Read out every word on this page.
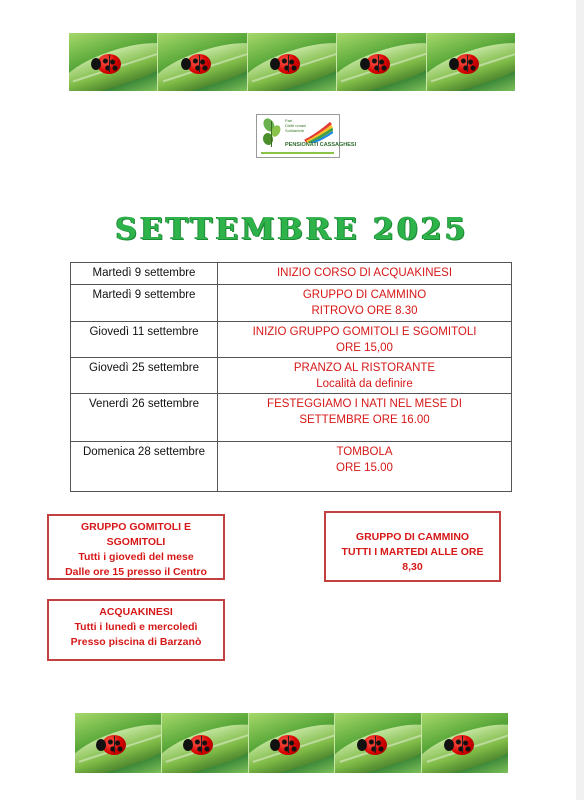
Pari
Diritti umani
Solidarietà
PENSIONATI CASSAGHESI
SETTEMBRE 2025
Martedì 9 settembre	INIZIO CORSO DI ACQUAKINESI

Martedì 9 settembre	GRUPPO DI CAMMINO
RITROVO ORE 8.30

Giovedì 11 settembre	INIZIO GRUPPO GOMITOLI E SGOMITOLI
ORE 15,00

Giovedì 25 settembre	PRANZO AL RISTORANTE
Località da definire

Venerdì 26 settembre	FESTEGGIAMO I NATI NEL MESE DI
SETTEMBRE ORE 16.00

Domenica 28 settembre	TOMBOLA
ORE 15.00
GRUPPO GOMITOLI E
SGOMITOLI
Tutti i giovedì del mese
Dalle ore 15 presso il Centro
GRUPPO DI CAMMINO
TUTTI I MARTEDI ALLE ORE
8,30
ACQUAKINESI
Tutti i lunedì e mercoledì
Presso piscina di Barzanò
